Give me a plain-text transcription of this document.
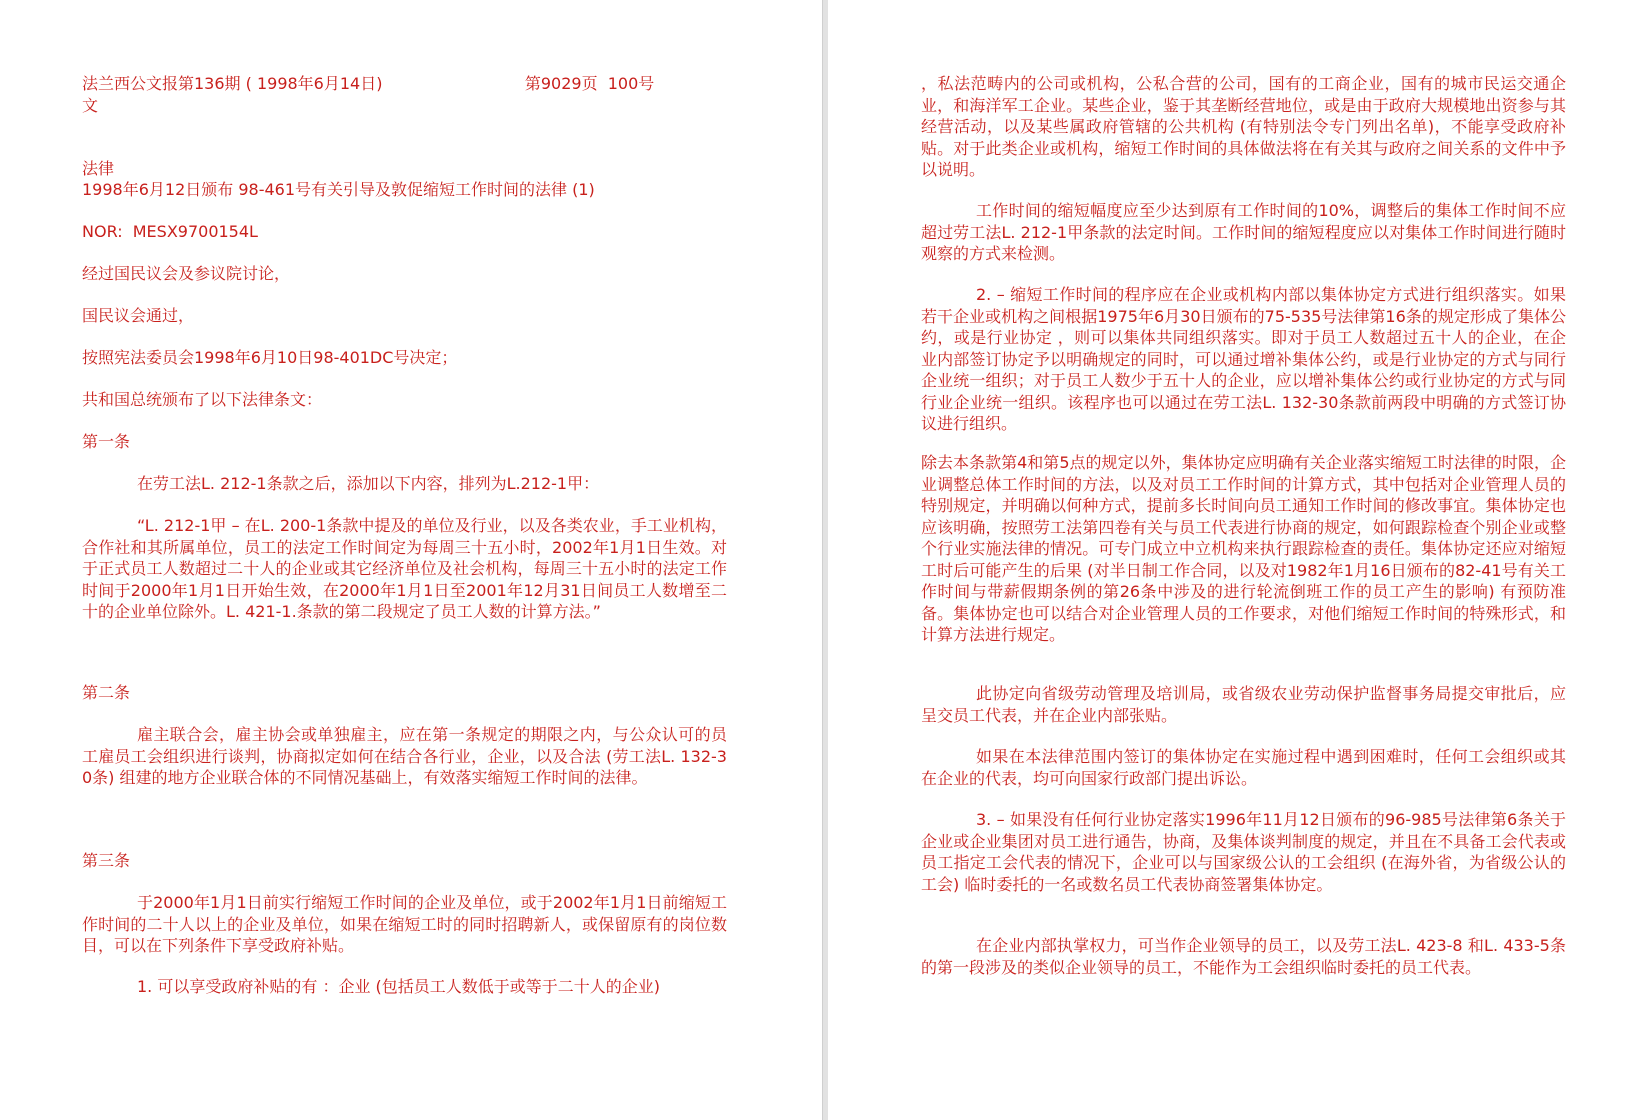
法兰西公文报第136期 ( 1998年6月14日)                            第9029页  100号

文

法律

1998年6月12日颁布 98-461号有关引导及敦促缩短工作时间的法律 (1)

NOR:  MESX9700154L

经过国民议会及参议院讨论，

国民议会通过，

按照宪法委员会1998年6月10日98-401DC号决定；

共和国总统颁布了以下法律条文：

第一条

在劳工法L. 212-1条款之后，添加以下内容，排列为L.212-1甲：

“L. 212-1甲 – 在L. 200-1条款中提及的单位及行业，以及各类农业，手工业机构，合作社和其所属单位，员工的法定工作时间定为每周三十五小时，2002年1月1日生效。对于正式员工人数超过二十人的企业或其它经济单位及社会机构，每周三十五小时的法定工作时间于2000年1月1日开始生效，在2000年1月1日至2001年12月31日间员工人数增至二十的企业单位除外。L. 421-1.条款的第二段规定了员工人数的计算方法。”

第二条

雇主联合会，雇主协会或单独雇主，应在第一条规定的期限之内，与公众认可的员工雇员工会组织进行谈判，协商拟定如何在结合各行业，企业，以及合法 (劳工法L. 132-30条) 组建的地方企业联合体的不同情况基础上，有效落实缩短工作时间的法律。

第三条

于2000年1月1日前实行缩短工作时间的企业及单位，或于2002年1月1日前缩短工作时间的二十人以上的企业及单位，如果在缩短工时的同时招聘新人，或保留原有的岗位数目，可以在下列条件下享受政府补贴。

1. 可以享受政府补贴的有 ：企业 (包括员工人数低于或等于二十人的企业)

，私法范畴内的公司或机构，公私合营的公司，国有的工商企业，国有的城市民运交通企业，和海洋军工企业。某些企业，鉴于其垄断经营地位，或是由于政府大规模地出资参与其经营活动，以及某些属政府管辖的公共机构 (有特别法令专门列出名单)，不能享受政府补贴。对于此类企业或机构，缩短工作时间的具体做法将在有关其与政府之间关系的文件中予以说明。

工作时间的缩短幅度应至少达到原有工作时间的10%，调整后的集体工作时间不应超过劳工法L. 212-1甲条款的法定时间。工作时间的缩短程度应以对集体工作时间进行随时观察的方式来检测。

2. – 缩短工作时间的程序应在企业或机构内部以集体协定方式进行组织落实。如果若干企业或机构之间根据1975年6月30日颁布的75-535号法律第16条的规定形成了集体公约，或是行业协定 ，则可以集体共同组织落实。即对于员工人数超过五十人的企业，在企业内部签订协定予以明确规定的同时，可以通过增补集体公约，或是行业协定的方式与同行企业统一组织；对于员工人数少于五十人的企业，应以增补集体公约或行业协定的方式与同行业企业统一组织。该程序也可以通过在劳工法L. 132-30条款前两段中明确的方式签订协议进行组织。

除去本条款第4和第5点的规定以外，集体协定应明确有关企业落实缩短工时法律的时限，企业调整总体工作时间的方法，以及对员工工作时间的计算方式，其中包括对企业管理人员的特别规定，并明确以何种方式，提前多长时间向员工通知工作时间的修改事宜。集体协定也应该明确，按照劳工法第四卷有关与员工代表进行协商的规定，如何跟踪检查个别企业或整个行业实施法律的情况。可专门成立中立机构来执行跟踪检查的责任。集体协定还应对缩短工时后可能产生的后果 (对半日制工作合同，以及对1982年1月16日颁布的82-41号有关工作时间与带薪假期条例的第26条中涉及的进行轮流倒班工作的员工产生的影响) 有预防准备。集体协定也可以结合对企业管理人员的工作要求，对他们缩短工作时间的特殊形式，和计算方法进行规定。

此协定向省级劳动管理及培训局，或省级农业劳动保护监督事务局提交审批后，应呈交员工代表，并在企业内部张贴。

如果在本法律范围内签订的集体协定在实施过程中遇到困难时，任何工会组织或其在企业的代表，均可向国家行政部门提出诉讼。

3. – 如果没有任何行业协定落实1996年11月12日颁布的96-985号法律第6条关于企业或企业集团对员工进行通告，协商，及集体谈判制度的规定，并且在不具备工会代表或员工指定工会代表的情况下，企业可以与国家级公认的工会组织 (在海外省，为省级公认的工会) 临时委托的一名或数名员工代表协商签署集体协定。

在企业内部执掌权力，可当作企业领导的员工，以及劳工法L. 423-8 和L. 433-5条的第一段涉及的类似企业领导的员工，不能作为工会组织临时委托的员工代表。
